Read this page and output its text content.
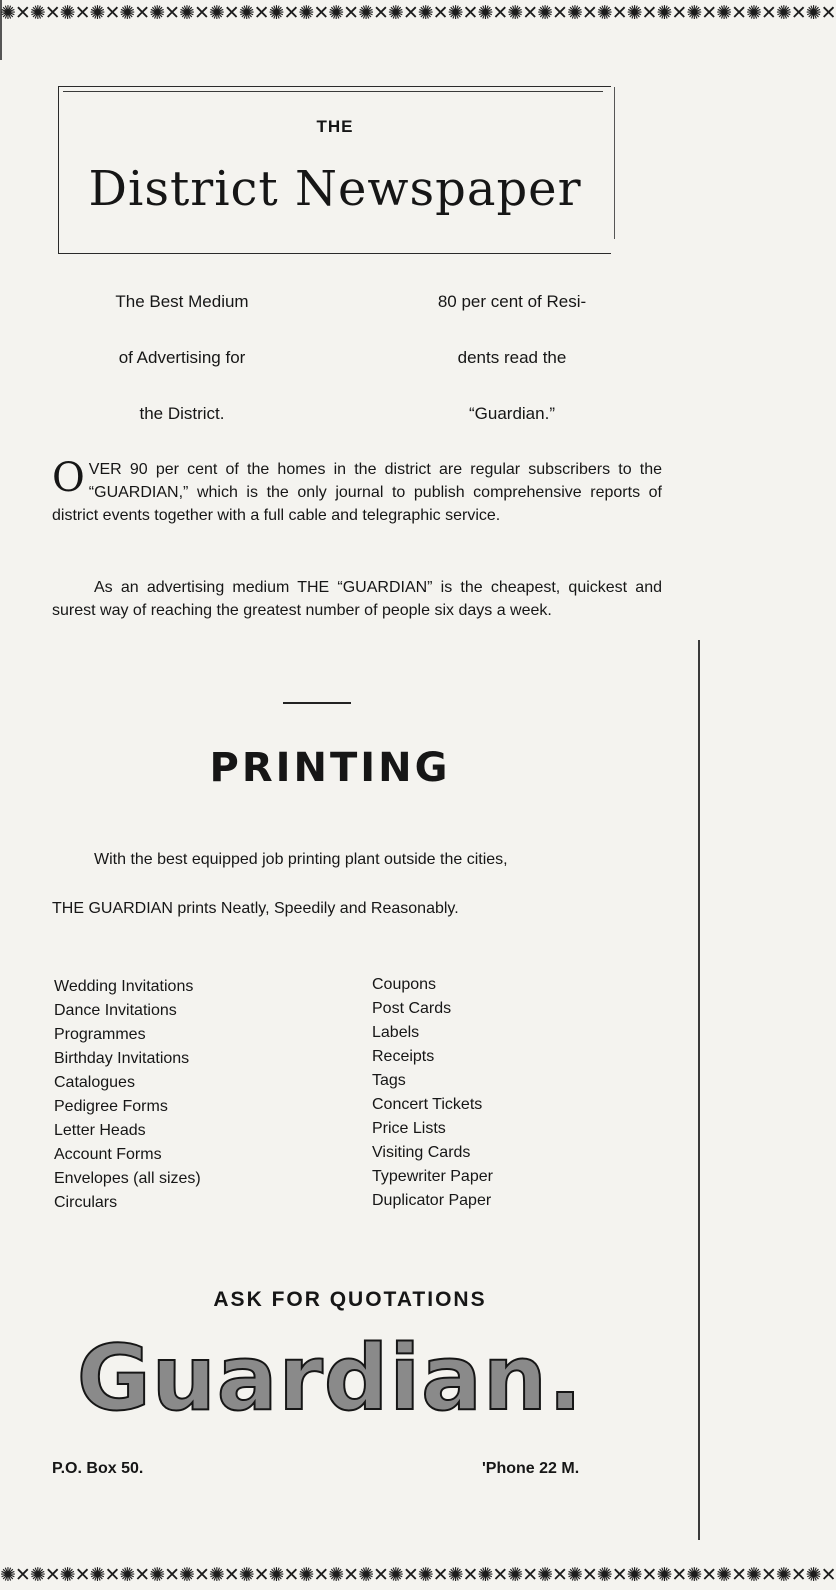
✺✕✺✕✺✕✺✕✺✕✺✕✺✕✺✕✺✕✺✕✺✕✺✕✺✕✺✕✺✕✺✕✺✕✺✕✺✕✺✕✺✕✺✕✺✕✺✕✺✕✺✕✺✕✺✕
THE
District Newspaper
The Best Medium
of Advertising for
the District.
80 per cent of Resi-
dents read the
“Guardian.”
OVER 90 per cent of the homes in the district are regular subscribers to the “GUARDIAN,” which is the only journal to publish comprehensive reports of district events together with a full cable and telegraphic service.
As an advertising medium THE “GUARDIAN” is the cheapest, quickest and surest way of reaching the greatest number of people six days a week.
PRINTING
With the best equipped job printing plant outside the cities,
THE GUARDIAN prints Neatly, Speedily and Reasonably.
Wedding Invitations
Dance Invitations
Programmes
Birthday Invitations
Catalogues
Pedigree Forms
Letter Heads
Account Forms
Envelopes (all sizes)
Circulars
Coupons
Post Cards
Labels
Receipts
Tags
Concert Tickets
Price Lists
Visiting Cards
Typewriter Paper
Duplicator Paper
ASK FOR QUOTATIONS
Guardian.
P.O. Box 50.	'Phone 22 M.
✺✕✺✕✺✕✺✕✺✕✺✕✺✕✺✕✺✕✺✕✺✕✺✕✺✕✺✕✺✕✺✕✺✕✺✕✺✕✺✕✺✕✺✕✺✕✺✕✺✕✺✕✺✕✺✕
